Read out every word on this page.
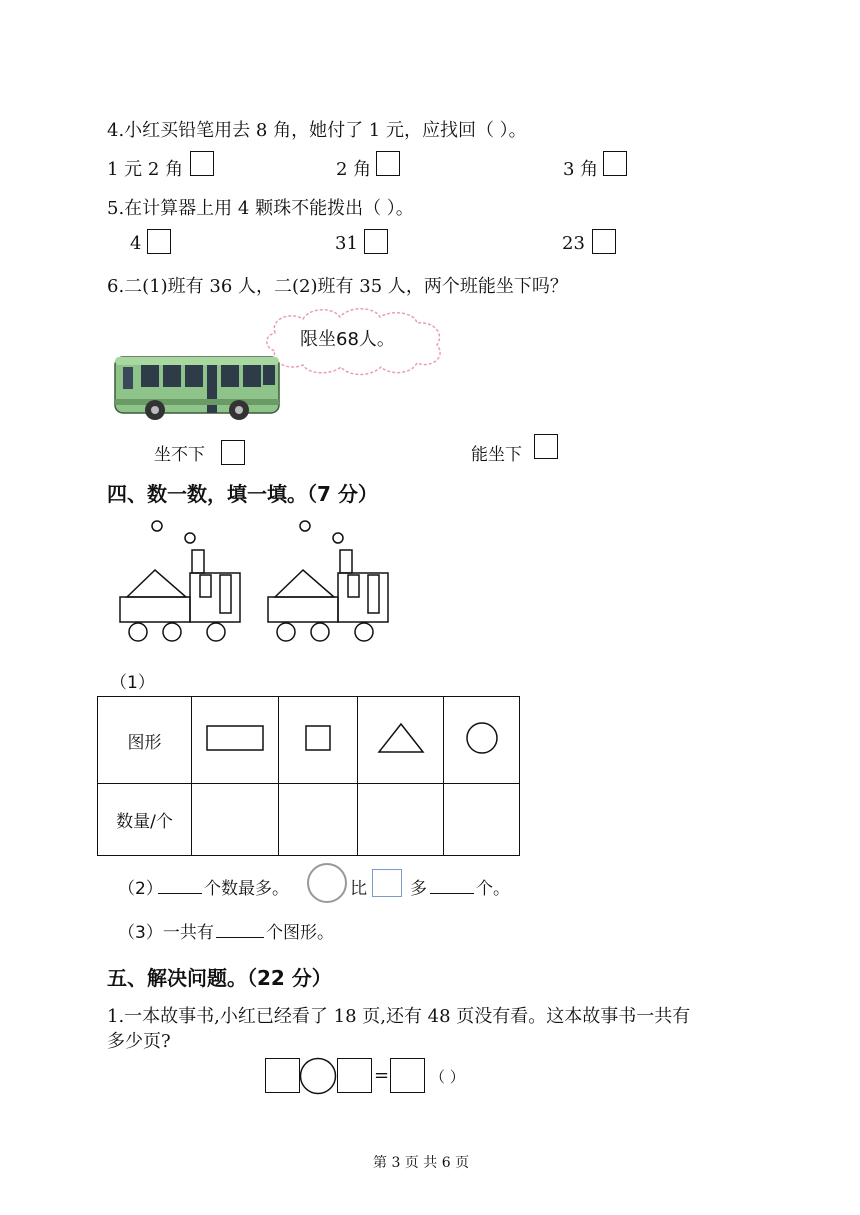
4.小红买铅笔用去 8 角，她付了 1 元，应找回（ ）。
1 元 2 角	2 角	3 角
5.在计算器上用 4 颗珠不能拨出（ ）。
4	31	23
6.二(1)班有 36 人，二(2)班有 35 人，两个班能坐下吗？
限坐68人。
坐不下	能坐下
四、数一数，填一填。（7 分）
（1）
图形				
数量/个				
（2） 个数最多。	比	多	个。
（3）一共有	个图形。
五、解决问题。（22 分）
1.一本故事书,小红已经看了 18 页,还有 48 页没有看。这本故事书一共有
多少页?
=	（ ）
第 3 页 共 6 页
